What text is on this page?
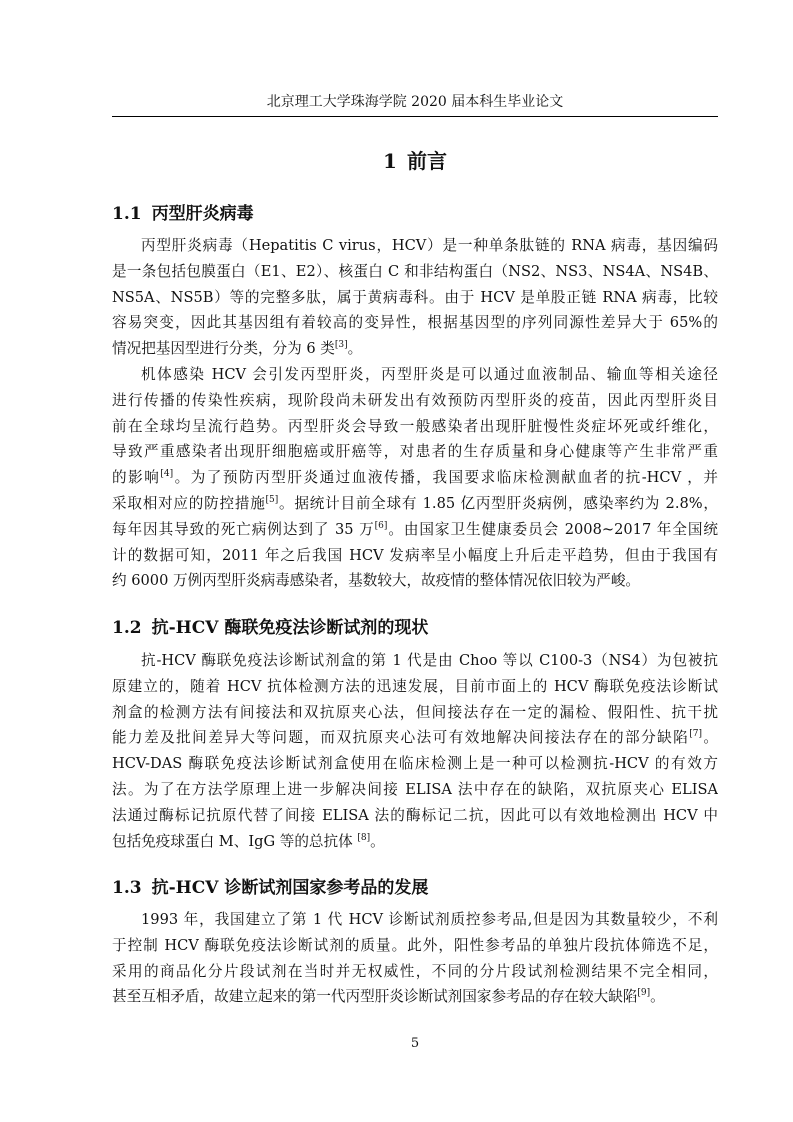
北京理工大学珠海学院 2020 届本科生毕业论文
1 前言
1.1 丙型肝炎病毒
丙型肝炎病毒（Hepatitis C virus，HCV）是一种单条肽链的 RNA 病毒，基因编码
是一条包括包膜蛋白（E1、E2）、核蛋白 C 和非结构蛋白（NS2、NS3、NS4A、NS4B、
NS5A、NS5B）等的完整多肽，属于黄病毒科。由于 HCV 是单股正链 RNA 病毒，比较
容易突变，因此其基因组有着较高的变异性，根据基因型的序列同源性差异大于 65%的
情况把基因型进行分类，分为 6 类[3]。
机体感染 HCV 会引发丙型肝炎，丙型肝炎是可以通过血液制品、输血等相关途径
进行传播的传染性疾病，现阶段尚未研发出有效预防丙型肝炎的疫苗，因此丙型肝炎目
前在全球均呈流行趋势。丙型肝炎会导致一般感染者出现肝脏慢性炎症坏死或纤维化，
导致严重感染者出现肝细胞癌或肝癌等，对患者的生存质量和身心健康等产生非常严重
的影响[4]。为了预防丙型肝炎通过血液传播，我国要求临床检测献血者的抗-HCV ，并
采取相对应的防控措施[5]。据统计目前全球有 1.85 亿丙型肝炎病例，感染率约为 2.8%，
每年因其导致的死亡病例达到了 35 万[6]。由国家卫生健康委员会 2008~2017 年全国统
计的数据可知，2011 年之后我国 HCV 发病率呈小幅度上升后走平趋势，但由于我国有
约 6000 万例丙型肝炎病毒感染者，基数较大，故疫情的整体情况依旧较为严峻。
1.2 抗-HCV 酶联免疫法诊断试剂的现状
抗-HCV 酶联免疫法诊断试剂盒的第 1 代是由 Choo 等以 C100-3（NS4）为包被抗
原建立的，随着 HCV 抗体检测方法的迅速发展，目前市面上的 HCV 酶联免疫法诊断试
剂盒的检测方法有间接法和双抗原夹心法，但间接法存在一定的漏检、假阳性、抗干扰
能力差及批间差异大等问题，而双抗原夹心法可有效地解决间接法存在的部分缺陷[7]。
HCV-DAS 酶联免疫法诊断试剂盒使用在临床检测上是一种可以检测抗-HCV 的有效方
法。为了在方法学原理上进一步解决间接 ELISA 法中存在的缺陷，双抗原夹心 ELISA
法通过酶标记抗原代替了间接 ELISA 法的酶标记二抗，因此可以有效地检测出 HCV 中
包括免疫球蛋白 M、IgG 等的总抗体 [8]。
1.3 抗-HCV 诊断试剂国家参考品的发展
1993 年，我国建立了第 1 代 HCV 诊断试剂质控参考品,但是因为其数量较少，不利
于控制 HCV 酶联免疫法诊断试剂的质量。此外，阳性参考品的单独片段抗体筛选不足，
采用的商品化分片段试剂在当时并无权威性，不同的分片段试剂检测结果不完全相同，
甚至互相矛盾，故建立起来的第一代丙型肝炎诊断试剂国家参考品的存在较大缺陷[9]。
5
